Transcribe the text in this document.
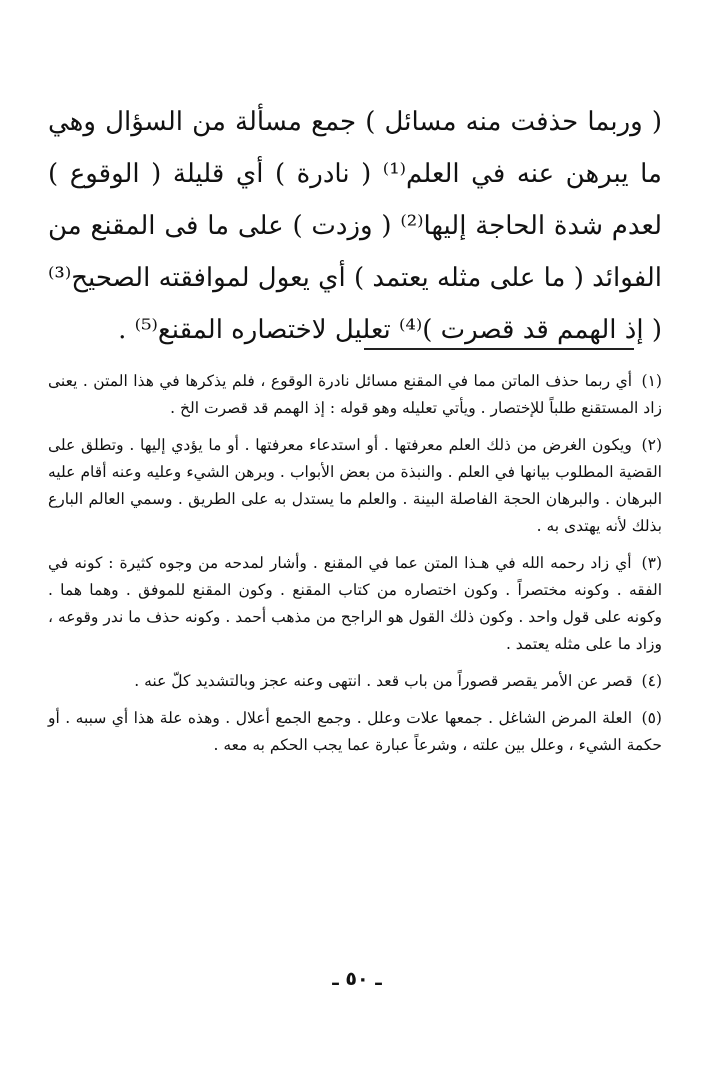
( وربما حذفت منه مسائل ) جمع مسألة من السؤال وهي ما يبرهن عنه في العلم⁽¹⁾ ( نادرة ) أي قليلة ( الوقوع ) لعدم شدة الحاجة إليها⁽²⁾ ( وزدت ) على ما فى المقنع من الفوائد ( ما على مثله يعتمد ) أي يعول لموافقته الصحيح⁽³⁾ ( إذ الهمم قد قصرت )⁽⁴⁾ تعليل لاختصاره المقنع⁽⁵⁾ .

(١) أي ربما حذف الماتن مما في المقنع مسائل نادرة الوقوع ، فلم يذكرها في هذا المتن . يعنى زاد المستقنع طلباً للإختصار . ويأتي تعليله وهو قوله : إذ الهمم قد قصرت الخ .

(٢) ويكون الغرض من ذلك العلم معرفتها . أو استدعاء معرفتها . أو ما يؤدي إليها . وتطلق على القضية المطلوب بيانها في العلم . والنبذة من بعض الأبواب . وبرهن الشيء وعليه وعنه أقام عليه البرهان . والبرهان الحجة الفاصلة البينة . والعلم ما يستدل به على الطريق . وسمي العالم البارع بذلك لأنه يهتدى به .

(٣) أي زاد رحمه الله في هـذا المتن عما في المقنع . وأشار لمدحه من وجوه كثيرة : كونه في الفقه . وكونه مختصراً . وكون اختصاره من كتاب المقنع . وكون المقنع للموفق . وهما هما . وكونه على قول واحد . وكون ذلك القول هو الراجح من مذهب أحمد . وكونه حذف ما ندر وقوعه ، وزاد ما على مثله يعتمد .

(٤) قصر عن الأمر يقصر قصوراً من باب قعد . انتهى وعنه عجز وبالتشديد كلّ عنه .

(٥) العلة المرض الشاغل . جمعها علات وعلل . وجمع الجمع أعلال . وهذه علة هذا أي سببه . أو حكمة الشيء ، وعلل بين علته ، وشرعاً عبارة عما يجب الحكم به معه .

ـ ٥٠ ـ
